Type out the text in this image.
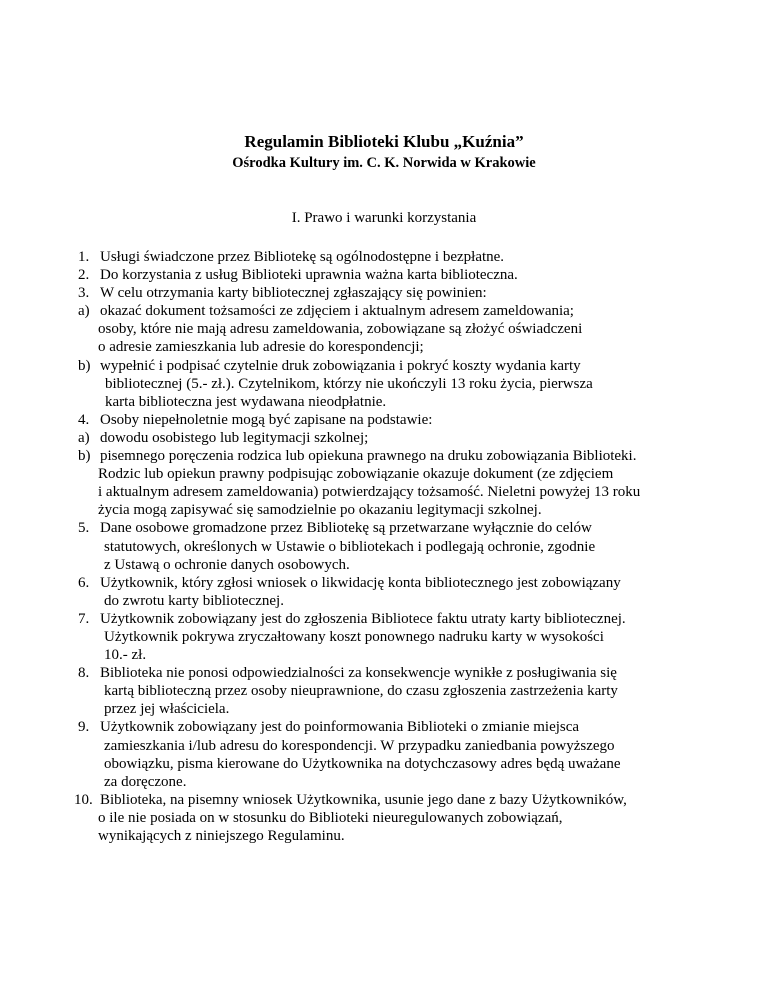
Regulamin Biblioteki Klubu „Kuźnia”
Ośrodka Kultury im. C. K. Norwida w Krakowie
I. Prawo i warunki korzystania
1. Usługi świadczone przez Bibliotekę są ogólnodostępne i bezpłatne.
2. Do korzystania z usług Biblioteki uprawnia ważna karta biblioteczna.
3. W celu otrzymania karty bibliotecznej zgłaszający się powinien:
a) okazać dokument tożsamości ze zdjęciem i aktualnym adresem zameldowania;
osoby, które nie mają adresu zameldowania, zobowiązane są złożyć oświadczeni
o adresie zamieszkania lub adresie do korespondencji;
b) wypełnić i podpisać czytelnie druk zobowiązania i pokryć koszty wydania karty
bibliotecznej (5.- zł.). Czytelnikom, którzy nie ukończyli 13 roku życia, pierwsza
karta biblioteczna jest wydawana nieodpłatnie.
4. Osoby niepełnoletnie mogą być zapisane na podstawie:
a) dowodu osobistego lub legitymacji szkolnej;
b) pisemnego poręczenia rodzica lub opiekuna prawnego na druku zobowiązania Biblioteki.
Rodzic lub opiekun prawny podpisując zobowiązanie okazuje dokument (ze zdjęciem
i aktualnym adresem zameldowania) potwierdzający tożsamość. Nieletni powyżej 13 roku
życia mogą zapisywać się samodzielnie po okazaniu legitymacji szkolnej.
5. Dane osobowe gromadzone przez Bibliotekę są przetwarzane wyłącznie do celów
statutowych, określonych w Ustawie o bibliotekach i podlegają ochronie, zgodnie
z Ustawą o ochronie danych osobowych.
6. Użytkownik, który zgłosi wniosek o likwidację konta bibliotecznego jest zobowiązany
do zwrotu karty bibliotecznej.
7. Użytkownik zobowiązany jest do zgłoszenia Bibliotece faktu utraty karty bibliotecznej.
Użytkownik pokrywa zryczałtowany koszt ponownego nadruku karty w wysokości
10.- zł.
8. Biblioteka nie ponosi odpowiedzialności za konsekwencje wynikłe z posługiwania się
kartą biblioteczną przez osoby nieuprawnione, do czasu zgłoszenia zastrzeżenia karty
przez jej właściciela.
9. Użytkownik zobowiązany jest do poinformowania Biblioteki o zmianie miejsca
zamieszkania i/lub adresu do korespondencji. W przypadku zaniedbania powyższego
obowiązku, pisma kierowane do Użytkownika na dotychczasowy adres będą uważane
za doręczone.
10. Biblioteka, na pisemny wniosek Użytkownika, usunie jego dane z bazy Użytkowników,
o ile nie posiada on w stosunku do Biblioteki nieuregulowanych zobowiązań,
wynikających z niniejszego Regulaminu.
